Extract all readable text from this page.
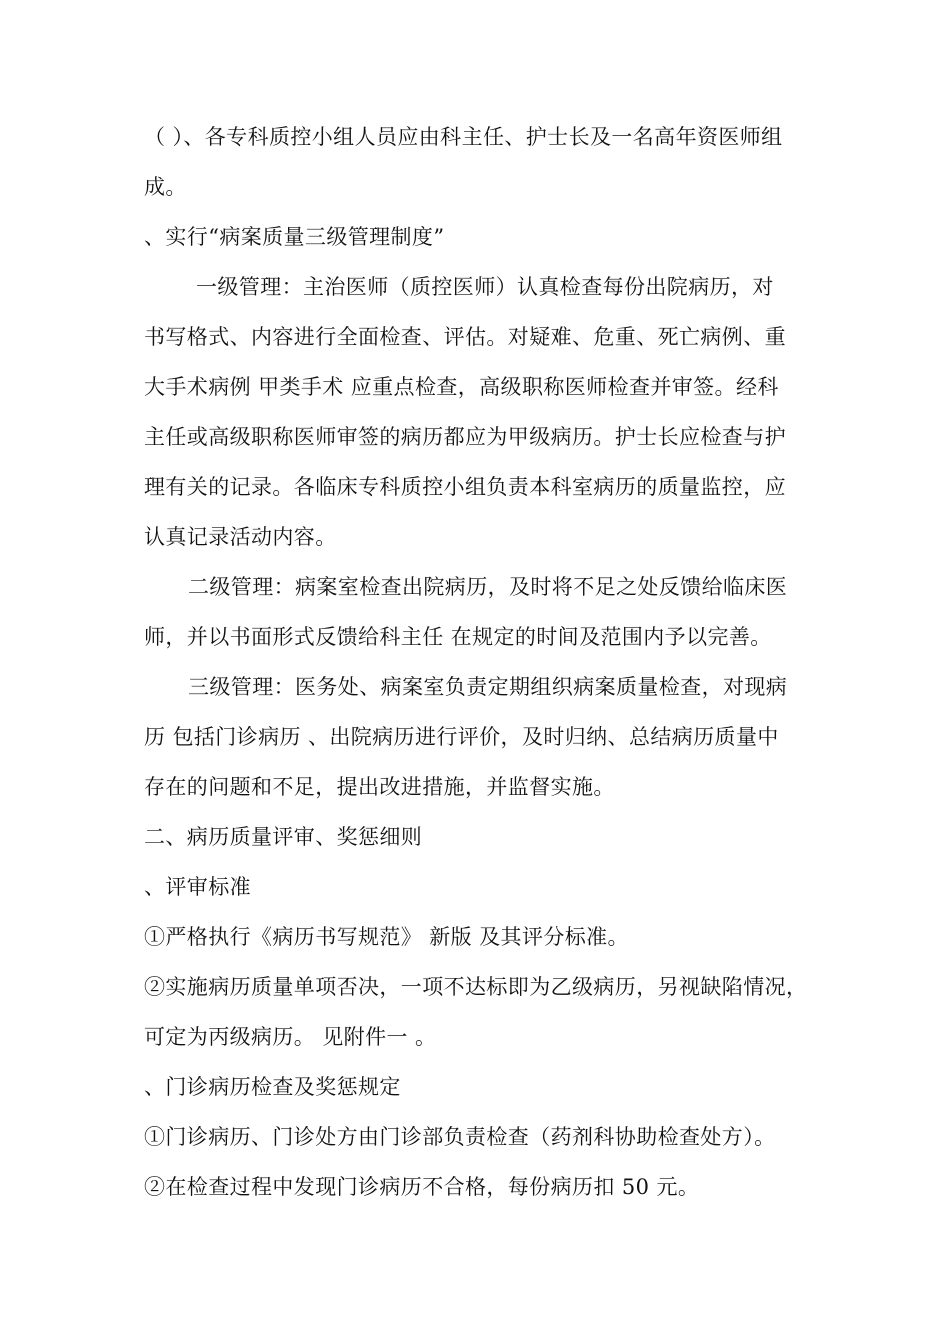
（ ）、各专科质控小组人员应由科主任、护士长及一名高年资医师组
成。
、实行“病案质量三级管理制度”
一级管理：主治医师（质控医师）认真检查每份出院病历，对
书写格式、内容进行全面检查、评估。对疑难、危重、死亡病例、重
大手术病例 甲类手术 应重点检查，高级职称医师检查并审签。经科
主任或高级职称医师审签的病历都应为甲级病历。护士长应检查与护
理有关的记录。各临床专科质控小组负责本科室病历的质量监控，应
认真记录活动内容。
二级管理：病案室检查出院病历，及时将不足之处反馈给临床医
师，并以书面形式反馈给科主任 在规定的时间及范围内予以完善。
三级管理：医务处、病案室负责定期组织病案质量检查，对现病
历 包括门诊病历 、出院病历进行评价，及时归纳、总结病历质量中
存在的问题和不足，提出改进措施，并监督实施。
二、病历质量评审、奖惩细则
、评审标准
①严格执行《病历书写规范》 新版 及其评分标准。
②实施病历质量单项否决，一项不达标即为乙级病历，另视缺陷情况，
可定为丙级病历。 见附件一 。
、门诊病历检查及奖惩规定
①门诊病历、门诊处方由门诊部负责检查（药剂科协助检查处方）。
②在检查过程中发现门诊病历不合格，每份病历扣 50 元。
